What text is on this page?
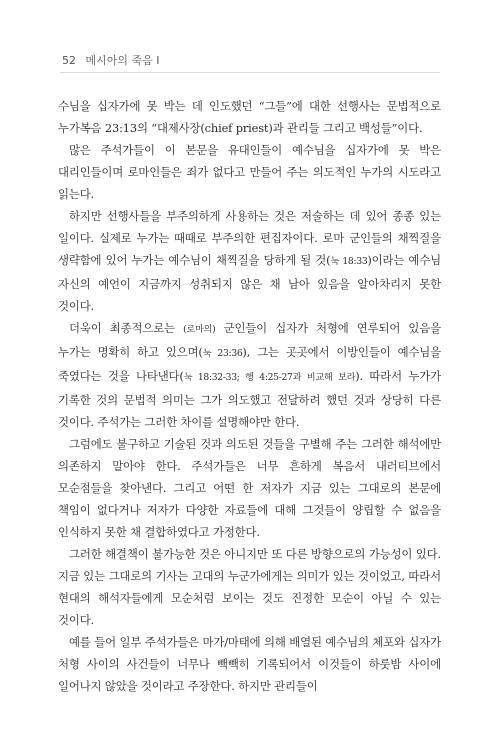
52 메시아의 죽음 I

수님을 십자가에 못 박는 데 인도했던 “그들”에 대한 선행사는 문법적으로 누가복음 23:13의 “대제사장(chief priest)과 관리들 그리고 백성들”이다.

많은 주석가들이 이 본문을 유대인들이 예수님을 십자가에 못 박은 대리인들이며 로마인들은 죄가 없다고 만들어 주는 의도적인 누가의 시도라고 읽는다.

하지만 선행사들을 부주의하게 사용하는 것은 저술하는 데 있어 종종 있는 일이다. 실제로 누가는 때때로 부주의한 편집자이다. 로마 군인들의 채찍질을 생략함에 있어 누가는 예수님이 채찍질을 당하게 될 것(눅 18:33)이라는 예수님 자신의 예언이 지금까지 성취되지 않은 채 남아 있음을 알아차리지 못한 것이다.

더욱이 최종적으로는 (로마의) 군인들이 십자가 처형에 연루되어 있음을 누가는 명확히 하고 있으며(눅 23:36), 그는 곳곳에서 이방인들이 예수님을 죽였다는 것을 나타낸다(눅 18:32-33; 행 4:25-27과 비교해 보라). 따라서 누가가 기록한 것의 문법적 의미는 그가 의도했고 전달하려 했던 것과 상당히 다른 것이다. 주석가는 그러한 차이를 설명해야만 한다.

그럼에도 불구하고 기술된 것과 의도된 것들을 구별해 주는 그러한 해석에만 의존하지 말아야 한다. 주석가들은 너무 흔하게 복음서 내러티브에서 모순점들을 찾아낸다. 그리고 어떤 한 저자가 지금 있는 그대로의 본문에 책임이 없다거나 저자가 다양한 자료들에 대해 그것들이 양립할 수 없음을 인식하지 못한 채 결합하였다고 가정한다.

그러한 해결책이 불가능한 것은 아니지만 또 다른 방향으로의 가능성이 있다. 지금 있는 그대로의 기사는 고대의 누군가에게는 의미가 있는 것이었고, 따라서 현대의 해석자들에게 모순처럼 보이는 것도 진정한 모순이 아닐 수 있는 것이다.

예를 들어 일부 주석가들은 마가/마태에 의해 배열된 예수님의 체포와 십자가 처형 사이의 사건들이 너무나 빽빽히 기록되어서 이것들이 하룻밤 사이에 일어나지 않았을 것이라고 주장한다. 하지만 관리들이
